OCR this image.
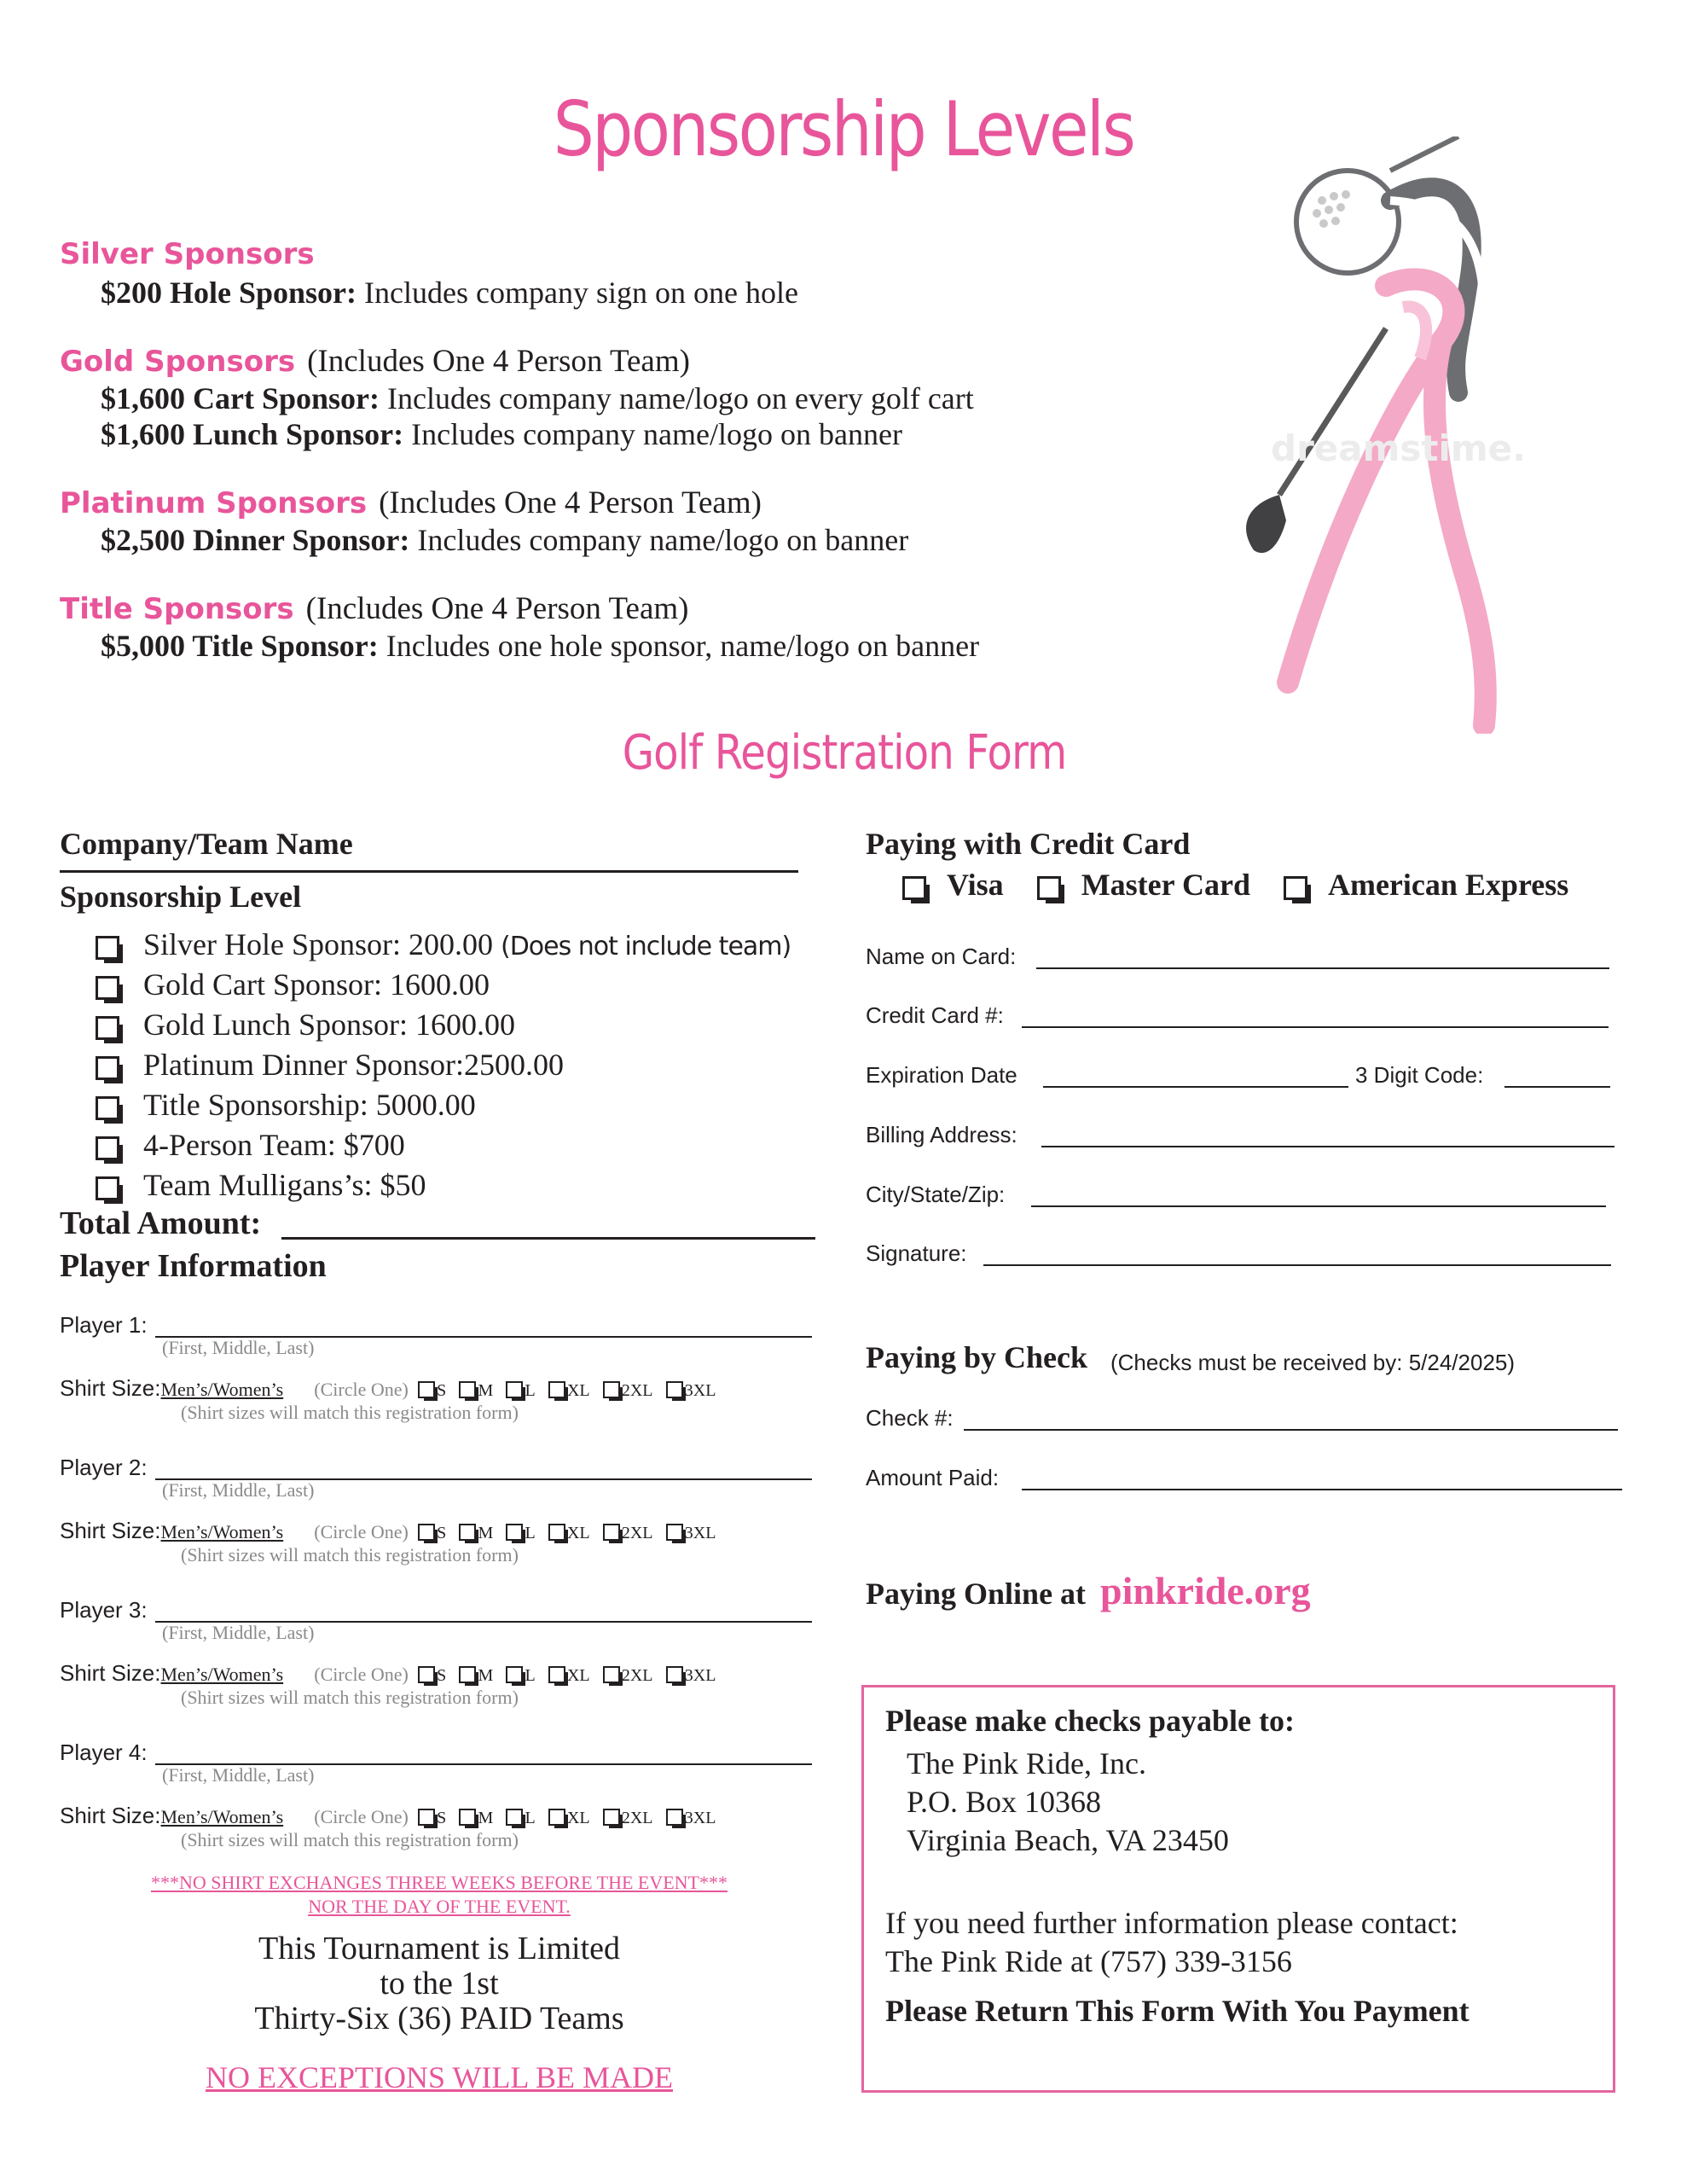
Sponsorship Levels
Silver Sponsors
$200 Hole Sponsor: Includes company sign on one hole
Gold Sponsors (Includes One 4 Person Team)
$1,600 Cart Sponsor: Includes company name/logo on every golf cart
$1,600 Lunch Sponsor: Includes company name/logo on banner
Platinum Sponsors (Includes One 4 Person Team)
$2,500 Dinner Sponsor: Includes company name/logo on banner
Title Sponsors (Includes One 4 Person Team)
$5,000 Title Sponsor: Includes one hole sponsor, name/logo on banner
dreamstime.
Golf Registration Form
Company/Team Name
Sponsorship Level
Silver Hole Sponsor: 200.00 (Does not include team)
Gold Cart Sponsor: 1600.00
Gold Lunch Sponsor: 1600.00
Platinum Dinner Sponsor:2500.00
Title Sponsorship: 5000.00
4-Person Team: $700
Team Mulligans’s: $50
Total Amount:
Player Information
Player 1:
(First, Middle, Last)
Shirt Size:Men’s/Women’s (Circle One) S M L XL 2XL 3XL
(Shirt sizes will match this registration form)
Player 2:
(First, Middle, Last)
Shirt Size:Men’s/Women’s (Circle One) S M L XL 2XL 3XL
(Shirt sizes will match this registration form)
Player 3:
(First, Middle, Last)
Shirt Size:Men’s/Women’s (Circle One) S M L XL 2XL 3XL
(Shirt sizes will match this registration form)
Player 4:
(First, Middle, Last)
Shirt Size:Men’s/Women’s (Circle One) S M L XL 2XL 3XL
(Shirt sizes will match this registration form)
***NO SHIRT EXCHANGES THREE WEEKS BEFORE THE EVENT***
NOR THE DAY OF THE EVENT.
This Tournament is Limited
to the 1st
Thirty-Six (36) PAID Teams
NO EXCEPTIONS WILL BE MADE
Paying with Credit Card
Visa	Master Card	American Express
Name on Card:
Credit Card #:
Expiration Date	3 Digit Code:
Billing Address:
City/State/Zip:
Signature:
Paying by Check (Checks must be received by: 5/24/2025)
Check #:
Amount Paid:
Paying Online at pinkride.org
Please make checks payable to:
The Pink Ride, Inc.
P.O. Box 10368
Virginia Beach, VA 23450
If you need further information please contact:
The Pink Ride at (757) 339-3156
Please Return This Form With You Payment
